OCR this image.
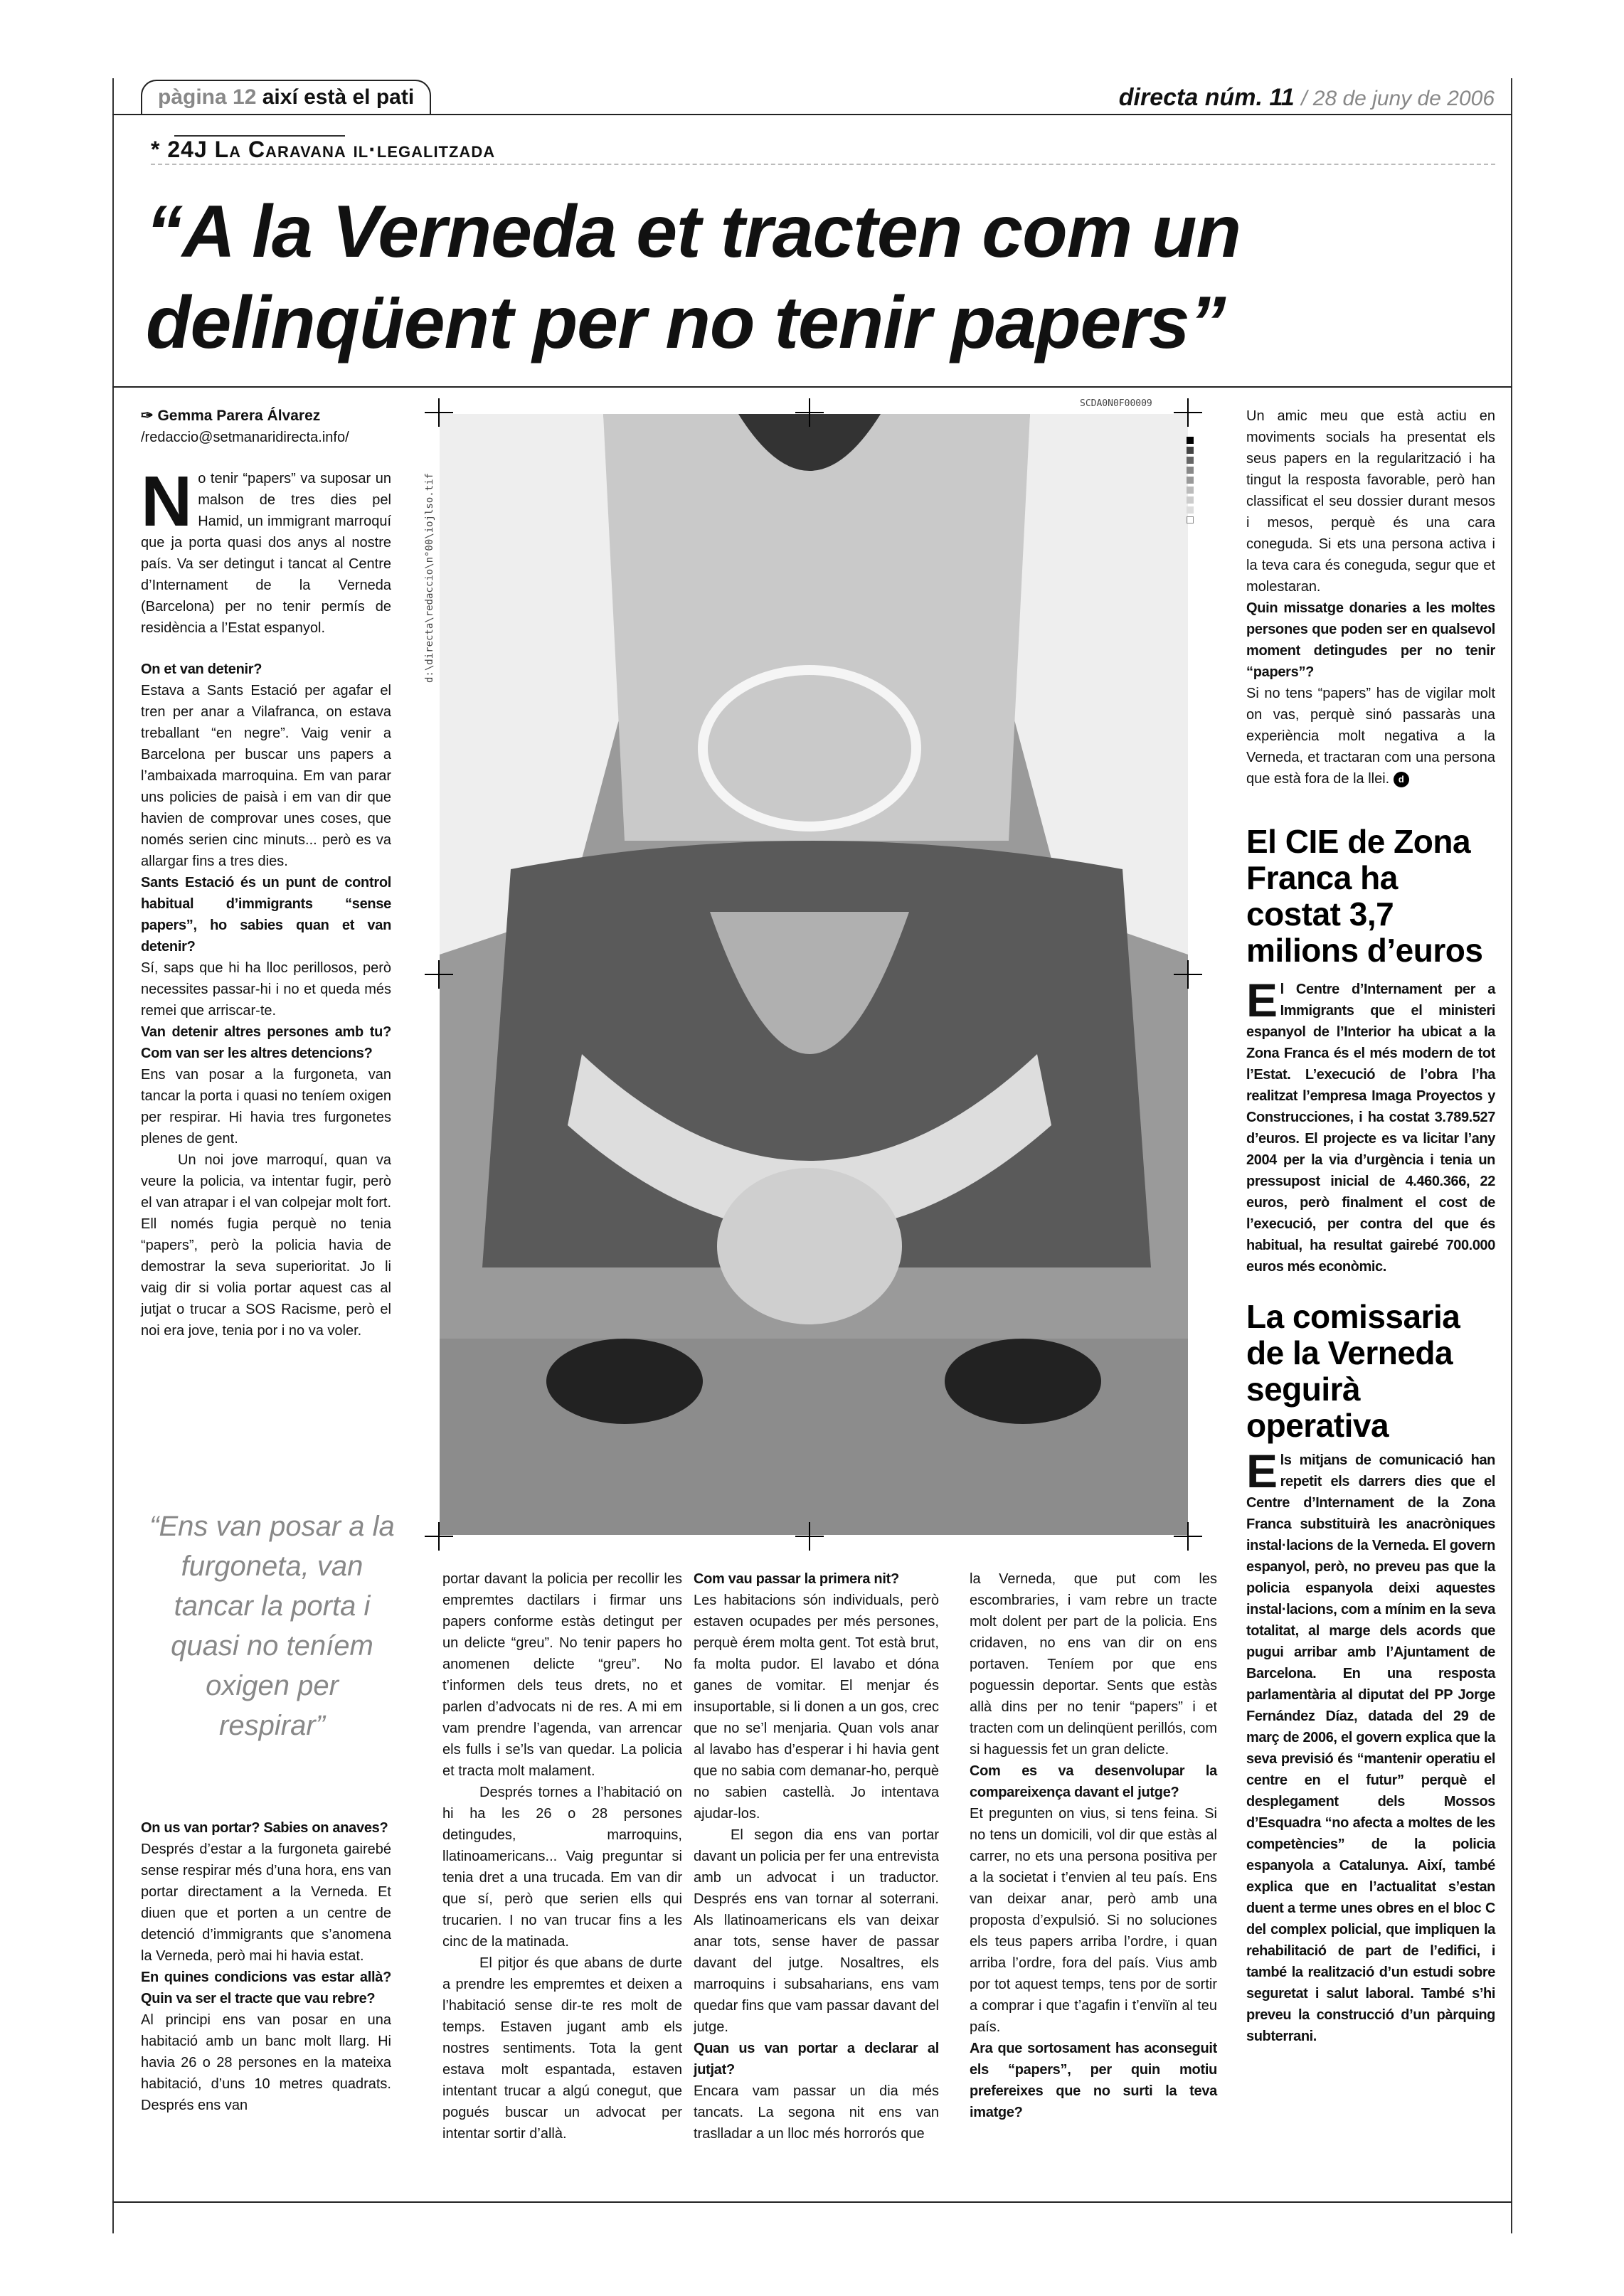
pàgina 12 així està el pati	directa núm. 11 / 28 de juny de 2006
* 24J La Caravana il·legalitzada
“A la Verneda et tracten com un
delinqüent per no tenir papers”

✑ Gemma Parera Álvarez

/redaccio@setmanaridirecta.info/

No tenir “papers” va suposar un malson de tres dies pel Hamid, un immigrant marroquí que ja porta quasi dos anys al nostre país. Va ser detingut i tancat al Centre d’Internament de la Verneda (Barcelona) per no tenir permís de residència a l’Estat espanyol.

On et van detenir?

Estava a Sants Estació per agafar el tren per anar a Vilafranca, on estava treballant “en negre”. Vaig venir a Barcelona per buscar uns papers a l’ambaixada marroquina. Em van parar uns policies de paisà i em van dir que havien de comprovar unes coses, que només serien cinc minuts... però es va allargar fins a tres dies.

Sants Estació és un punt de control habitual d’immigrants “sense papers”, ho sabies quan et van detenir?

Sí, saps que hi ha lloc perillosos, però necessites passar-hi i no et queda més remei que arriscar-te.

Van detenir altres persones amb tu? Com van ser les altres detencions?

Ens van posar a la furgoneta, van tancar la porta i quasi no teníem oxigen per respirar. Hi havia tres furgonetes plenes de gent.

Un noi jove marroquí, quan va veure la policia, va intentar fugir, però el van atrapar i el van colpejar molt fort. Ell només fugia perquè no tenia “papers”, però la policia havia de demostrar la seva superioritat. Jo li vaig dir si volia portar aquest cas al jutjat o trucar a SOS Racisme, però el noi era jove, tenia por i no va voler.

“Ens van posar a la furgoneta, van tancar la porta i quasi no teníem oxigen per respirar”

On us van portar? Sabies on anaves?

Després d’estar a la furgoneta gairebé sense respirar més d’una hora, ens van portar directament a la Verneda. Et diuen que et porten a un centre de detenció d’immigrants que s’anomena la Verneda, però mai hi havia estat.

En quines condicions vas estar allà? Quin va ser el tracte que vau rebre?

Al principi ens van posar en una habitació amb un banc molt llarg. Hi havia 26 o 28 persones en la mateixa habitació, d’uns 10 metres quadrats. Després ens van

SCDA0N0F00009
d:\directa\redaccio\n°00\iojlso.tif

portar davant la policia per recollir les empremtes dactilars i firmar uns papers conforme estàs detingut per un delicte “greu”. No tenir papers ho anomenen delicte “greu”. No t’informen dels teus drets, no et parlen d’advocats ni de res. A mi em vam prendre l’agenda, van arrencar els fulls i se’ls van quedar. La policia et tracta molt malament.

Després tornes a l’habitació on hi ha les 26 o 28 persones detingudes, marroquins, llatinoamericans... Vaig preguntar si tenia dret a una trucada. Em van dir que sí, però que serien ells qui trucarien. I no van trucar fins a les cinc de la matinada.

El pitjor és que abans de durte a prendre les empremtes et deixen a l’habitació sense dir-te res molt de temps. Estaven jugant amb els nostres sentiments. Tota la gent estava molt espantada, estaven intentant trucar a algú conegut, que pogués buscar un advocat per intentar sortir d’allà.

Com vau passar la primera nit?

Les habitacions són individuals, però estaven ocupades per més persones, perquè érem molta gent. Tot està brut, fa molta pudor. El lavabo et dóna ganes de vomitar. El menjar és insuportable, si li donen a un gos, crec que no se’l menjaria. Quan vols anar al lavabo has d’esperar i hi havia gent que no sabia com demanar-ho, perquè no sabien castellà. Jo intentava ajudar-los.

El segon dia ens van portar davant un policia per fer una entrevista amb un advocat i un traductor. Després ens van tornar al soterrani. Als llatinoamericans els van deixar anar tots, sense haver de passar davant del jutge. Nosaltres, els marroquins i subsaharians, ens vam quedar fins que vam passar davant del jutge.

Quan us van portar a declarar al jutjat?

Encara vam passar un dia més tancats. La segona nit ens van traslladar a un lloc més horrorós que

la Verneda, que put com les escombraries, i vam rebre un tracte molt dolent per part de la policia. Ens cridaven, no ens van dir on ens portaven. Teníem por que ens poguessin deportar. Sents que estàs allà dins per no tenir “papers” i et tracten com un delinqüent perillós, com si haguessis fet un gran delicte.

Com es va desenvolupar la compareixença davant el jutge?

Et pregunten on vius, si tens feina. Si no tens un domicili, vol dir que estàs al carrer, no ets una persona positiva per a la societat i t’envien al teu país. Ens van deixar anar, però amb una proposta d’expulsió. Si no soluciones els teus papers arriba l’ordre, i quan arriba l’ordre, fora del país. Vius amb por tot aquest temps, tens por de sortir a comprar i que t’agafin i t’enviïn al teu país.

Ara que sortosament has aconseguit els “papers”, per quin motiu prefereixes que no surti la teva imatge?

Un amic meu que està actiu en moviments socials ha presentat els seus papers en la regularització i ha tingut la resposta favorable, però han classificat el seu dossier durant mesos i mesos, perquè és una cara coneguda. Si ets una persona activa i la teva cara és coneguda, segur que et molestaran.

Quin missatge donaries a les moltes persones que poden ser en qualsevol moment detingudes per no tenir “papers”?

Si no tens “papers” has de vigilar molt on vas, perquè sinó passaràs una experiència molt negativa a la Verneda, et tractaran com una persona que està fora de la llei. d

El CIE de Zona Franca ha costat 3,7 milions d’euros

El Centre d’Internament per a Immigrants que el ministeri espanyol de l’Interior ha ubicat a la Zona Franca és el més modern de tot l’Estat. L’execució de l’obra l’ha realitzat l’empresa Imaga Proyectos y Construcciones, i ha costat 3.789.527 d’euros. El projecte es va licitar l’any 2004 per la via d’urgència i tenia un pressupost inicial de 4.460.366, 22 euros, però finalment el cost de l’execució, per contra del que és habitual, ha resultat gairebé 700.000 euros més econòmic.

La comissaria de la Verneda seguirà operativa

Els mitjans de comunicació han repetit els darrers dies que el Centre d’Internament de la Zona Franca substituirà les anacròniques instal·lacions de la Verneda. El govern espanyol, però, no preveu pas que la policia espanyola deixi aquestes instal·lacions, com a mínim en la seva totalitat, al marge dels acords que pugui arribar amb l’Ajuntament de Barcelona. En una resposta parlamentària al diputat del PP Jorge Fernández Díaz, datada del 29 de març de 2006, el govern explica que la seva previsió és “mantenir operatiu el centre en el futur” perquè el desplegament dels Mossos d’Esquadra “no afecta a moltes de les competències” de la policia espanyola a Catalunya. Així, també explica que en l’actualitat s’estan duent a terme unes obres en el bloc C del complex policial, que impliquen la rehabilitació de part de l’edifici, i també la realització d’un estudi sobre seguretat i salut laboral. També s’hi preveu la construcció d’un pàrquing subterrani.
